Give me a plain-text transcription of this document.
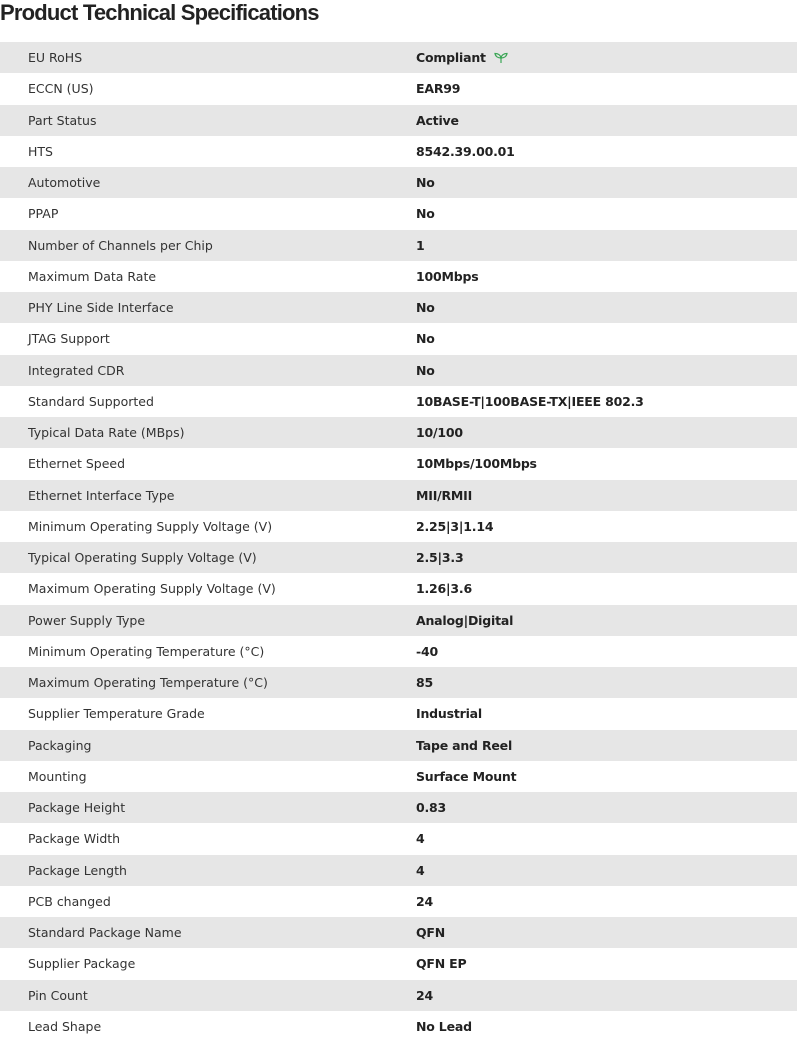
Product Technical Specifications
EU RoHS	Compliant
ECCN (US)	EAR99
Part Status	Active
HTS	8542.39.00.01
Automotive	No
PPAP	No
Number of Channels per Chip	1
Maximum Data Rate	100Mbps
PHY Line Side Interface	No
JTAG Support	No
Integrated CDR	No
Standard Supported	10BASE-T|100BASE-TX|IEEE 802.3
Typical Data Rate (MBps)	10/100
Ethernet Speed	10Mbps/100Mbps
Ethernet Interface Type	MII/RMII
Minimum Operating Supply Voltage (V)	2.25|3|1.14
Typical Operating Supply Voltage (V)	2.5|3.3
Maximum Operating Supply Voltage (V)	1.26|3.6
Power Supply Type	Analog|Digital
Minimum Operating Temperature (°C)	-40
Maximum Operating Temperature (°C)	85
Supplier Temperature Grade	Industrial
Packaging	Tape and Reel
Mounting	Surface Mount
Package Height	0.83
Package Width	4
Package Length	4
PCB changed	24
Standard Package Name	QFN
Supplier Package	QFN EP
Pin Count	24
Lead Shape	No Lead
